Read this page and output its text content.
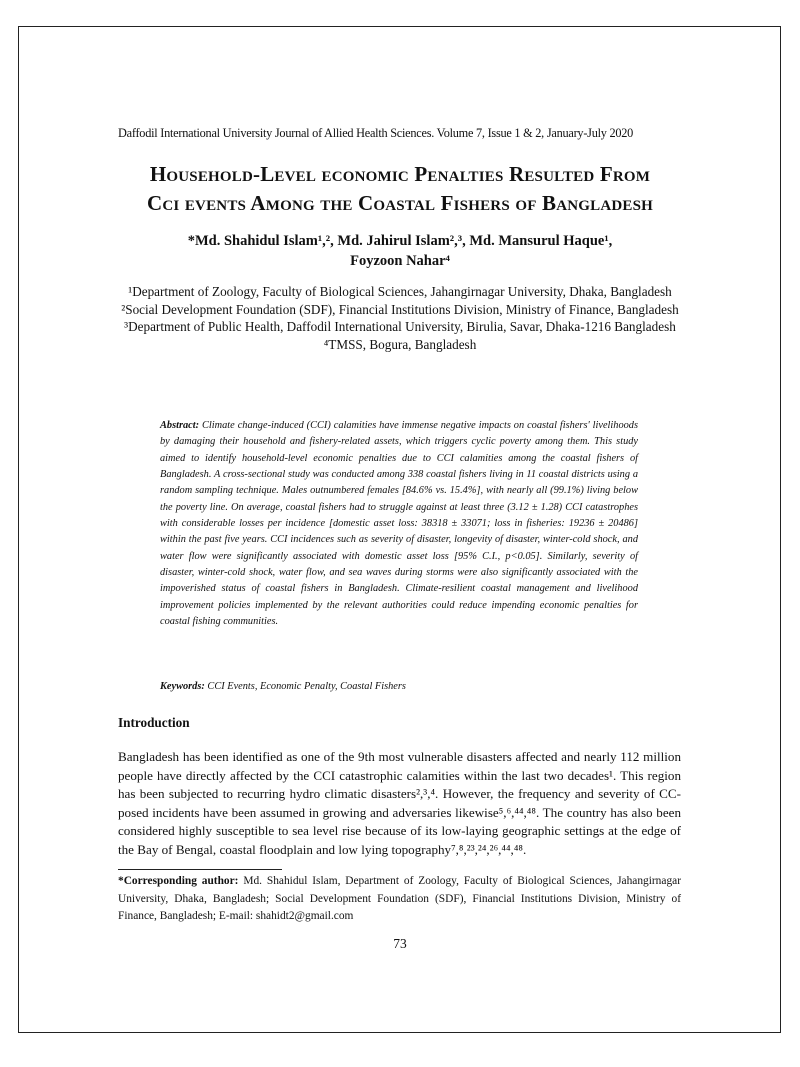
Daffodil International University Journal of Allied Health Sciences. Volume 7, Issue 1 & 2, January-July 2020
Household-Level economic Penalties Resulted From
Cci events Among the Coastal Fishers of Bangladesh
*Md. Shahidul Islam¹,², Md. Jahirul Islam²,³, Md. Mansurul Haque¹,
Foyzoon Nahar⁴
¹Department of Zoology, Faculty of Biological Sciences, Jahangirnagar University, Dhaka, Bangladesh
²Social Development Foundation (SDF), Financial Institutions Division, Ministry of Finance, Bangladesh
³Department of Public Health, Daffodil International University, Birulia, Savar, Dhaka-1216 Bangladesh
⁴TMSS, Bogura, Bangladesh
Abstract: Climate change-induced (CCI) calamities have immense negative impacts on coastal fishers' livelihoods by damaging their household and fishery-related assets, which triggers cyclic poverty among them. This study aimed to identify household-level economic penalties due to CCI calamities among the coastal fishers of Bangladesh. A cross-sectional study was conducted among 338 coastal fishers living in 11 coastal districts using a random sampling technique. Males outnumbered females [84.6% vs. 15.4%], with nearly all (99.1%) living below the poverty line. On average, coastal fishers had to struggle against at least three (3.12 ± 1.28) CCI catastrophes with considerable losses per incidence [domestic asset loss: 38318 ± 33071; loss in fisheries: 19236 ± 20486] within the past five years. CCI incidences such as severity of disaster, longevity of disaster, winter-cold shock, and water flow were significantly associated with domestic asset loss [95% C.I., p<0.05]. Similarly, severity of disaster, winter-cold shock, water flow, and sea waves during storms were also significantly associated with the impoverished status of coastal fishers in Bangladesh. Climate-resilient coastal management and livelihood improvement policies implemented by the relevant authorities could reduce impending economic penalties for coastal fishing communities.
Keywords: CCI Events, Economic Penalty, Coastal Fishers
Introduction
Bangladesh has been identified as one of the 9th most vulnerable disasters affected and nearly 112 million people have directly affected by the CCI catastrophic calamities within the last two decades¹. This region has been subjected to recurring hydro climatic disasters²,³,⁴. However, the frequency and severity of CC-posed incidents have been assumed in growing and adversaries likewise⁵,⁶,⁴⁴,⁴⁸. The country has also been considered highly susceptible to sea level rise because of its low-laying geographic settings at the edge of the Bay of Bengal, coastal floodplain and low lying topography⁷,⁸,²³,²⁴,²⁶,⁴⁴,⁴⁸.
*Corresponding author: Md. Shahidul Islam, Department of Zoology, Faculty of Biological Sciences, Jahangirnagar University, Dhaka, Bangladesh; Social Development Foundation (SDF), Financial Institutions Division, Ministry of Finance, Bangladesh; E-mail: shahidt2@gmail.com
73
